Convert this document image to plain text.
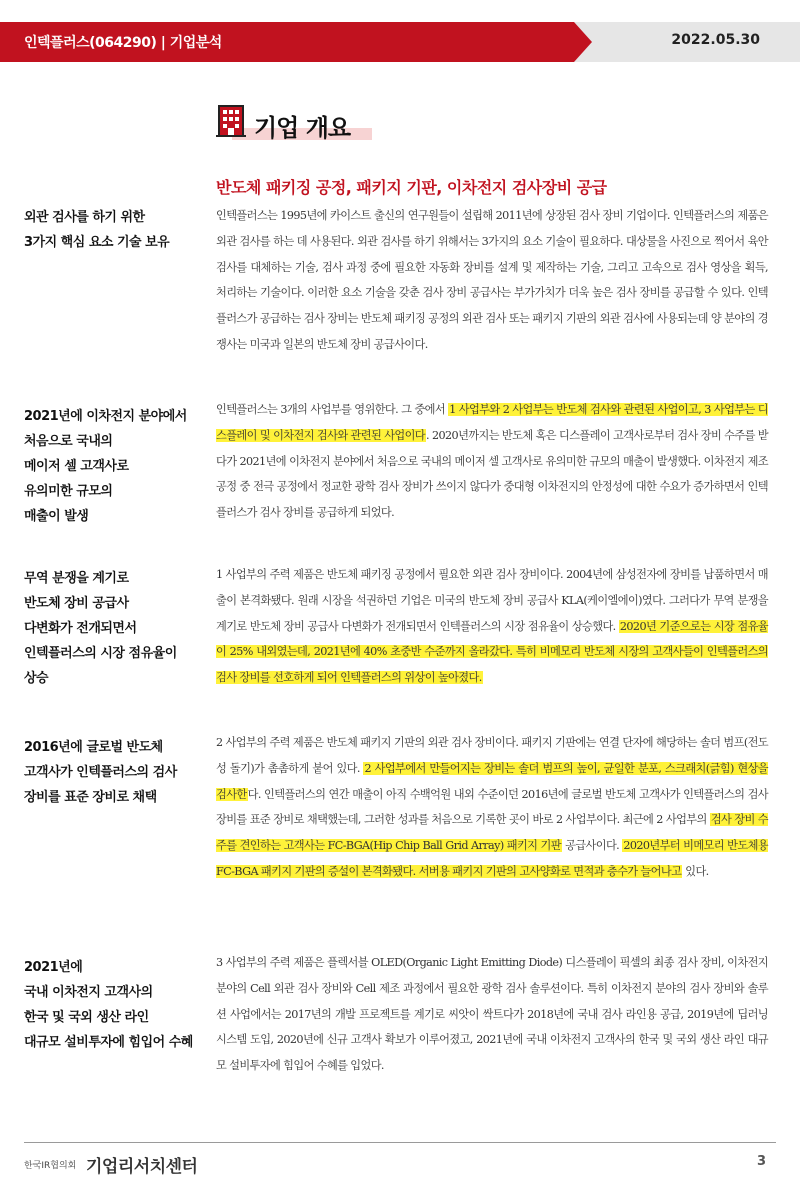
인텍플러스(064290) | 기업분석	2022.05.30
기업 개요
반도체 패키징 공정, 패키지 기판, 이차전지 검사장비 공급
외관 검사를 하기 위한
3가지 핵심 요소 기술 보유
인텍플러스는 1995년에 카이스트 출신의 연구원들이 설립해 2011년에 상장된 검사 장비 기업이다. 인텍플러스의 제품은 외관 검사를 하는 데 사용된다. 외관 검사를 하기 위해서는 3가지의 요소 기술이 필요하다. 대상물을 사진으로 찍어서 육안 검사를 대체하는 기술, 검사 과정 중에 필요한 자동화 장비를 설계 및 제작하는 기술, 그리고 고속으로 검사 영상을 획득, 처리하는 기술이다. 이러한 요소 기술을 갖춘 검사 장비 공급사는 부가가치가 더욱 높은 검사 장비를 공급할 수 있다. 인텍플러스가 공급하는 검사 장비는 반도체 패키징 공정의 외관 검사 또는 패키지 기판의 외관 검사에 사용되는데 양 분야의 경쟁사는 미국과 일본의 반도체 장비 공급사이다.
2021년에 이차전지 분야에서
처음으로 국내의
메이저 셀 고객사로
유의미한 규모의
매출이 발생
인텍플러스는 3개의 사업부를 영위한다. 그 중에서 1 사업부와 2 사업부는 반도체 검사와 관련된 사업이고, 3 사업부는 디스플레이 및 이차전지 검사와 관련된 사업이다. 2020년까지는 반도체 혹은 디스플레이 고객사로부터 검사 장비 수주를 받다가 2021년에 이차전지 분야에서 처음으로 국내의 메이저 셀 고객사로 유의미한 규모의 매출이 발생했다. 이차전지 제조 공정 중 전극 공정에서 정교한 광학 검사 장비가 쓰이지 않다가 중대형 이차전지의 안정성에 대한 수요가 증가하면서 인텍플러스가 검사 장비를 공급하게 되었다.
무역 분쟁을 계기로
반도체 장비 공급사
다변화가 전개되면서
인텍플러스의 시장 점유율이
상승
1 사업부의 주력 제품은 반도체 패키징 공정에서 필요한 외관 검사 장비이다. 2004년에 삼성전자에 장비를 납품하면서 매출이 본격화됐다. 원래 시장을 석권하던 기업은 미국의 반도체 장비 공급사 KLA(케이엘에이)였다. 그러다가 무역 분쟁을 계기로 반도체 장비 공급사 다변화가 전개되면서 인텍플러스의 시장 점유율이 상승했다. 2020년 기준으로는 시장 점유율이 25% 내외였는데, 2021년에 40% 초중반 수준까지 올라갔다. 특히 비메모리 반도체 시장의 고객사들이 인텍플러스의 검사 장비를 선호하게 되어 인텍플러스의 위상이 높아졌다.
2016년에 글로벌 반도체
고객사가 인텍플러스의 검사
장비를 표준 장비로 채택
2 사업부의 주력 제품은 반도체 패키지 기판의 외관 검사 장비이다. 패키지 기판에는 연결 단자에 해당하는 솔더 범프(전도성 돌기)가 촘촘하게 붙어 있다. 2 사업부에서 만들어지는 장비는 솔더 범프의 높이, 균일한 분포, 스크래치(긁힘) 현상을 검사한다. 인텍플러스의 연간 매출이 아직 수백억원 내외 수준이던 2016년에 글로벌 반도체 고객사가 인텍플러스의 검사 장비를 표준 장비로 채택했는데, 그러한 성과를 처음으로 기록한 곳이 바로 2 사업부이다. 최근에 2 사업부의 검사 장비 수주를 견인하는 고객사는 FC-BGA(Hip Chip Ball Grid Array) 패키지 기판 공급사이다. 2020년부터 비메모리 반도체용 FC-BGA 패키지 기판의 증설이 본격화됐다. 서버용 패키지 기판의 고사양화로 면적과 층수가 늘어나고 있다.
2021년에
국내 이차전지 고객사의
한국 및 국외 생산 라인
대규모 설비투자에 힘입어 수혜
3 사업부의 주력 제품은 플렉서블 OLED(Organic Light Emitting Diode) 디스플레이 픽셀의 최종 검사 장비, 이차전지 분야의 Cell 외관 검사 장비와 Cell 제조 과정에서 필요한 광학 검사 솔루션이다. 특히 이차전지 분야의 검사 장비와 솔루션 사업에서는 2017년의 개발 프로젝트를 계기로 씨앗이 싹트다가 2018년에 국내 검사 라인용 공급, 2019년에 딥러닝 시스템 도입, 2020년에 신규 고객사 확보가 이루어졌고, 2021년에 국내 이차전지 고객사의 한국 및 국외 생산 라인 대규모 설비투자에 힘입어 수혜를 입었다.
한국IR협의회 기업리서치센터	3
